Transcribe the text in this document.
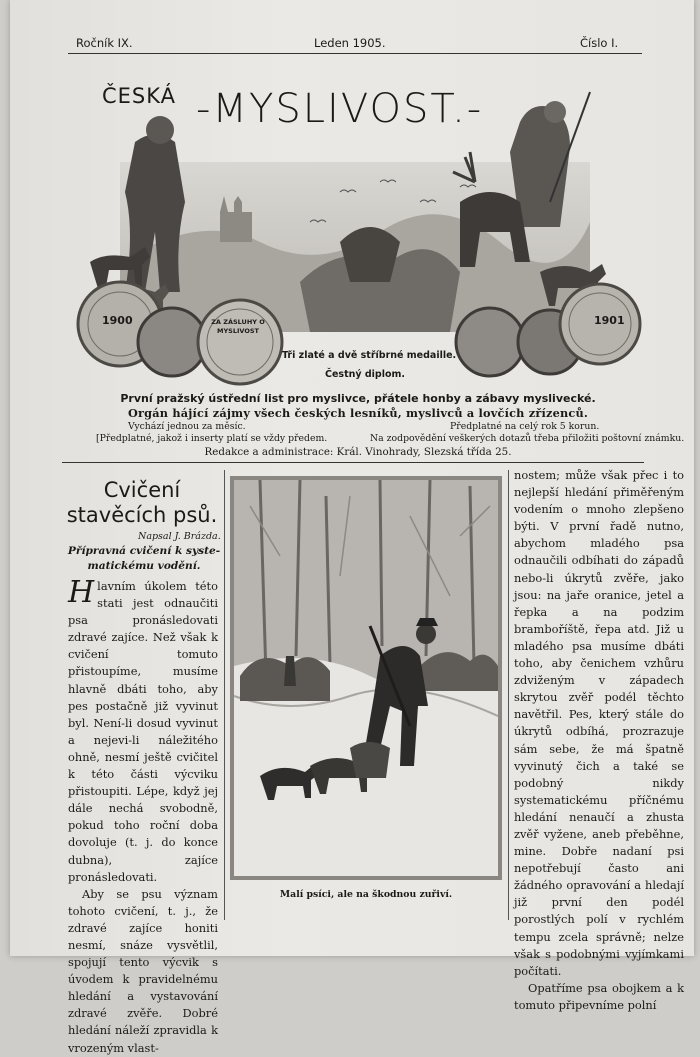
Ročník IX.	Leden 1905.	Číslo I.
ČESKÁ -MYSLIVOST.-
1900	ZA ZÁSLUHY O MYSLIVOST
1901
Tři zlaté a dvě stříbrné medaille.
Čestný diplom.
První pražský ústřední list pro myslivce, přátele honby a zábavy myslivecké.
Orgán hájící zájmy všech českých lesníků, myslivců a lovčích zřízenců.
Vychází jednou za měsíc.
[Předplatné, jakož i inserty platí se vždy předem.
Předplatné na celý rok 5 korun.
Na zodpovědění veškerých dotazů třeba přiložiti poštovní známku.
Redakce a administrace: Král. Vinohrady, Slezská třída 25.
Cvičení
stavěcích psů.
Napsal J. Brázda.
Přípravná cvičení k syste-
matickému vodění.

Hlavním úkolem této stati jest odnaučiti psa pronásledovati zdravé zajíce. Než však k cvičení tomuto přistoupíme, musíme hlavně dbáti toho, aby pes postačně již vyvinut byl. Není-li dosud vyvinut a nejevi-li náležitého ohně, nesmí ještě cvičitel k této části výcviku přistoupiti. Lépe, když jej dále nechá svobodně, pokud toho roční doba dovoluje (t. j. do konce dubna), zajíce pronásledovati.

Aby se psu význam tohoto cvičení, t. j., že zdravé zajíce honiti nesmí, snáze vysvětlil, spojují tento výcvik s úvodem k pravidelnému hledání a vystavování zdravé zvěře. Dobré hledání náleží zpravidla k vrozeným vlast-

Malí psíci, ale na škodnou zuřiví.

nostem; může však přec i to nejlepší hledání přiměřeným vodením o mnoho zlepšeno býti. V první řadě nutno, abychom mladého psa odnaučili odbíhati do západů nebo-li úkrytů zvěře, jako jsou: na jaře oranice, jetel a řepka a na podzim bramboříště, řepa atd. Již u mladého psa musíme dbáti toho, aby čenichem vzhůru zdviženým v západech skrytou zvěř podél těchto navětřil. Pes, který stále do úkrytů odbíhá, prozrazuje sám sebe, že má špatně vyvinutý čich a také se podobný nikdy systematickému příčnému hledání nenaučí a zhusta zvěř vyžene, aneb přeběhne, mine. Dobře nadaní psi nepotřebují často ani žádného opravování a hledají již první den podél porostlých polí v rychlém tempu zcela správně; nelze však s podobnými vyjímkami počítati.

Opatříme psa obojkem a k tomuto připevníme polní
